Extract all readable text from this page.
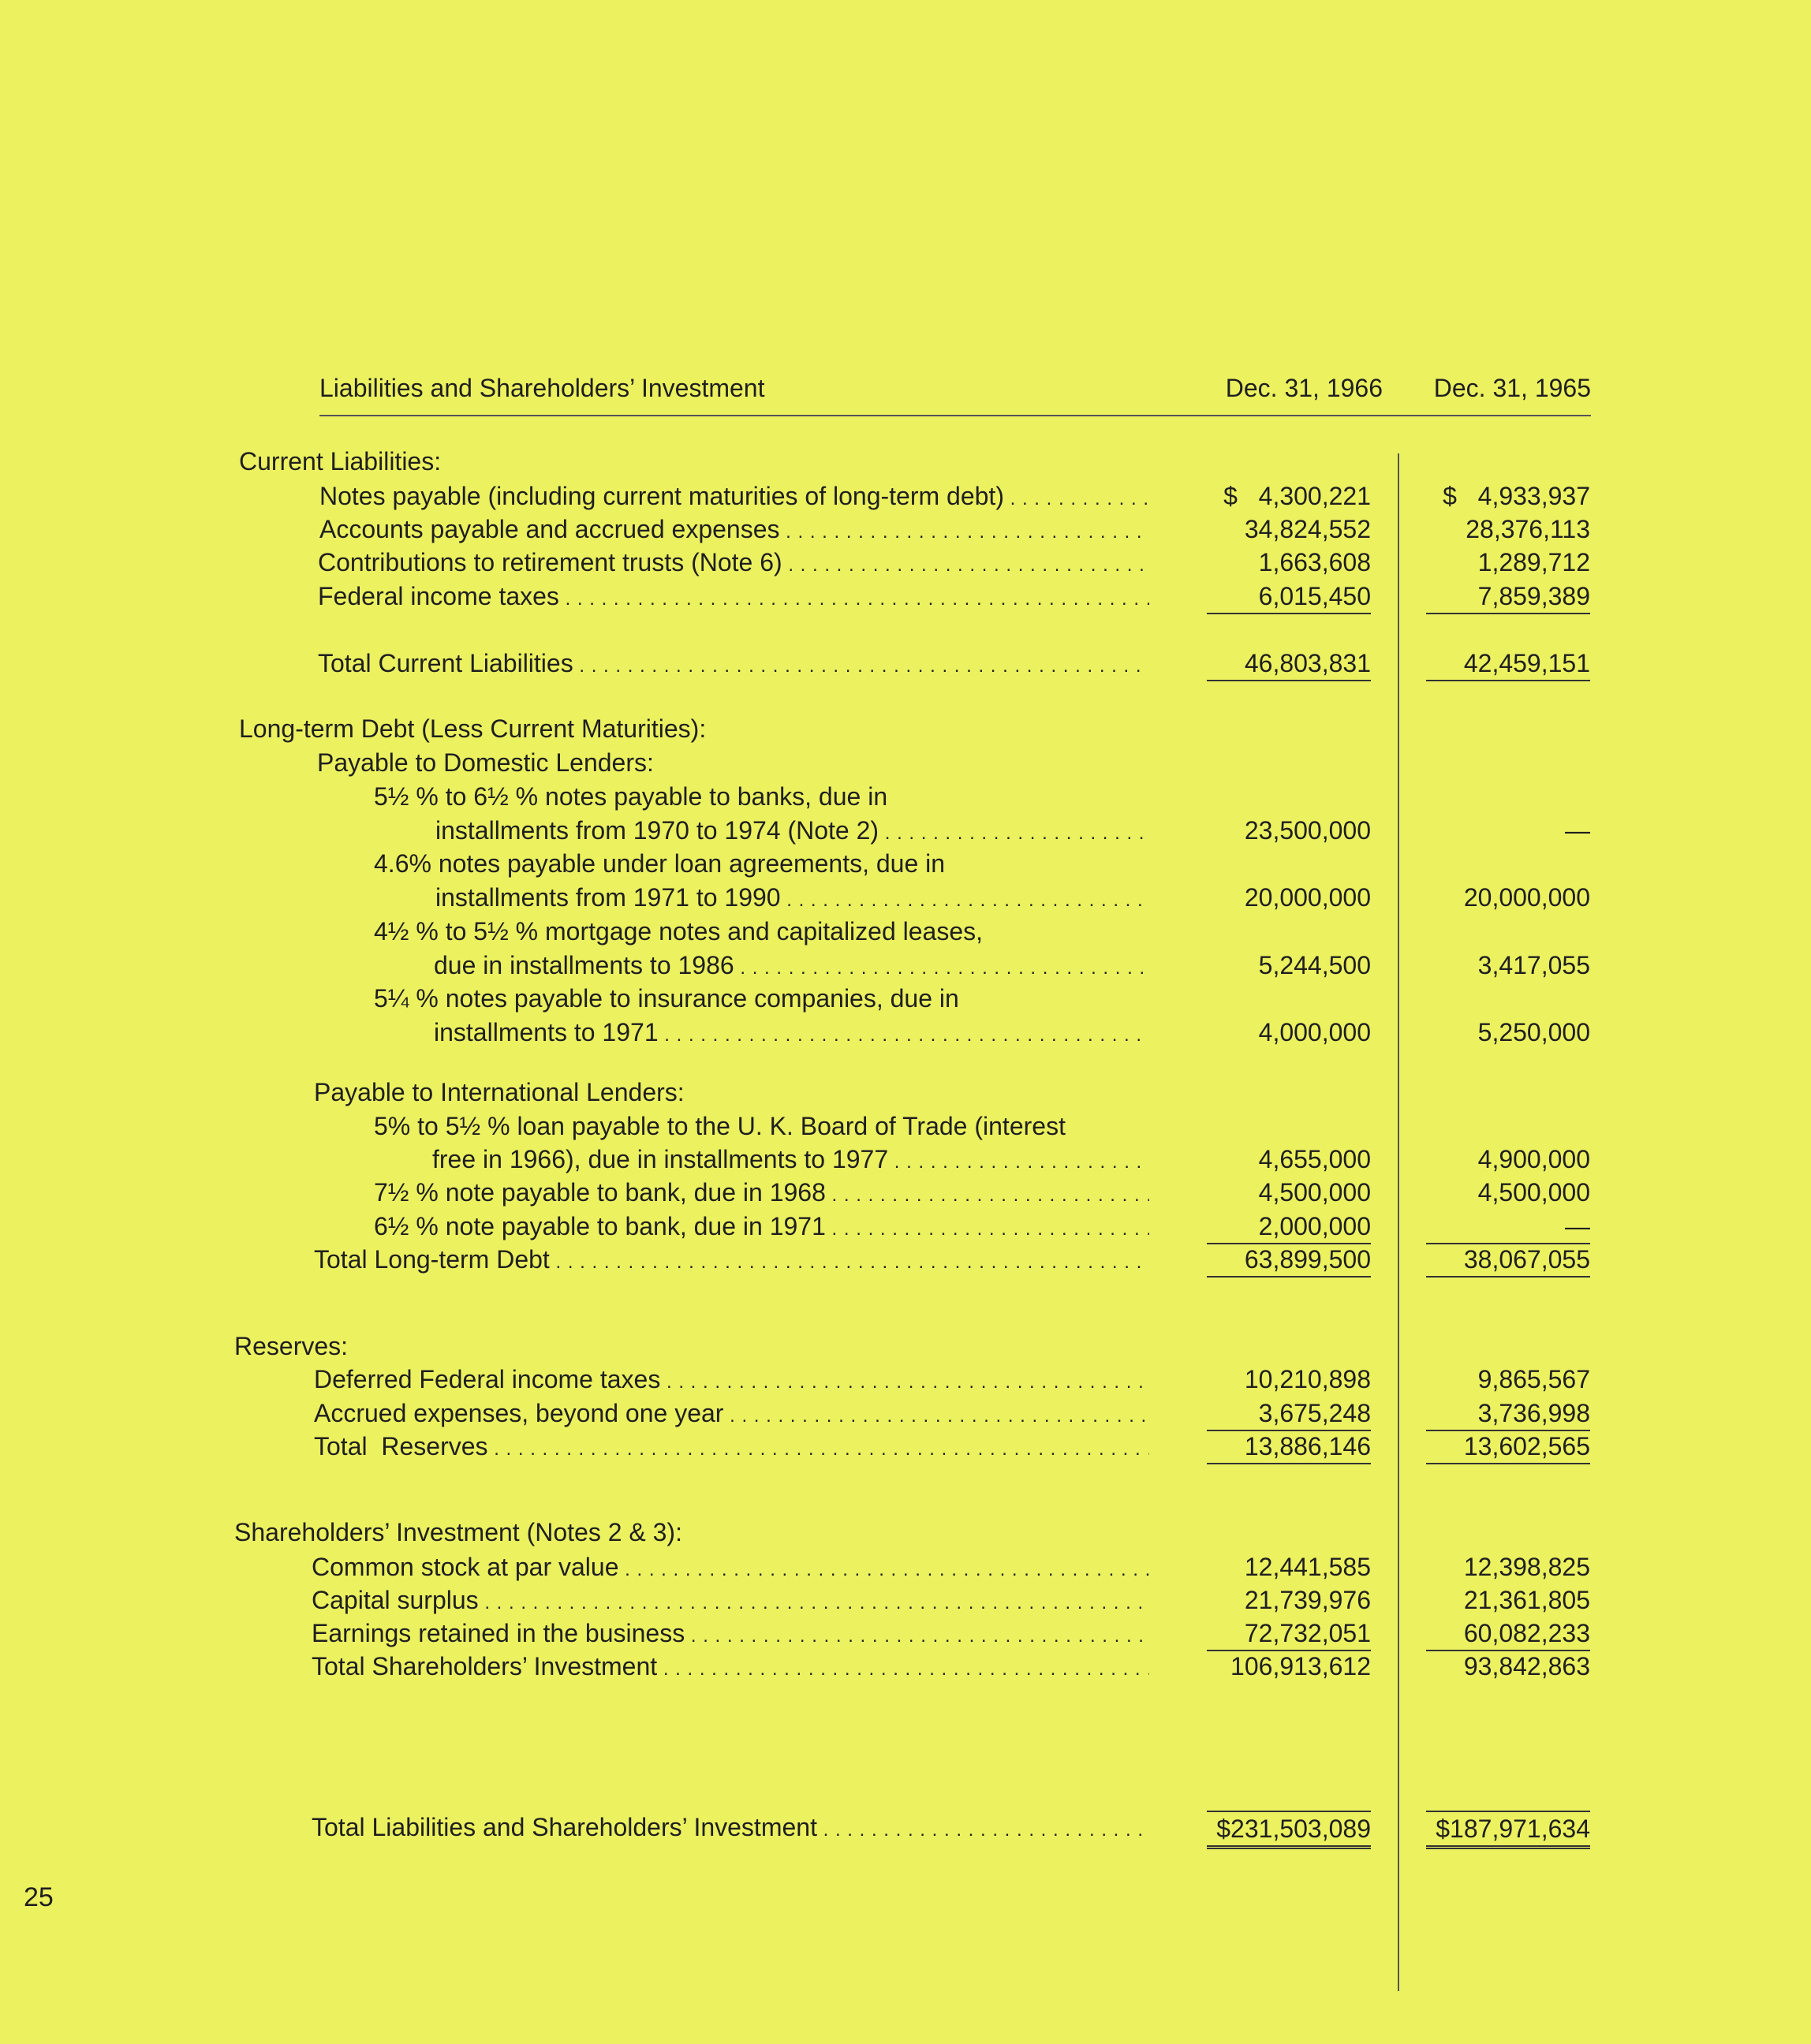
Liabilities and Shareholders’ Investment	Dec. 31, 1966	Dec. 31, 1965
Current Liabilities:
Notes payable (including current maturities of long-term debt) . . .	$   4,300,221	$   4,933,937
Accounts payable and accrued expenses . . .	34,824,552	28,376,113
Contributions to retirement trusts (Note 6) . . .	1,663,608	1,289,712
Federal income taxes . . .	6,015,450	7,859,389
Total Current Liabilities . . .	46,803,831	42,459,151
Long-term Debt (Less Current Maturities):
Payable to Domestic Lenders:
5½ % to 6½ % notes payable to banks, due in
installments from 1970 to 1974 (Note 2) . . .	23,500,000	—
4.6% notes payable under loan agreements, due in
installments from 1971 to 1990 . . .	20,000,000	20,000,000
4½ % to 5½ % mortgage notes and capitalized leases,
due in installments to 1986 . . .	5,244,500	3,417,055
5¼ % notes payable to insurance companies, due in
installments to 1971 . . .	4,000,000	5,250,000
Payable to International Lenders:
5% to 5½ % loan payable to the U. K. Board of Trade (interest
free in 1966), due in installments to 1977 . . .	4,655,000	4,900,000
7½ % note payable to bank, due in 1968 . . .	4,500,000	4,500,000
6½ % note payable to bank, due in 1971 . . .	2,000,000	—
Total Long-term Debt . . .	63,899,500	38,067,055
Reserves:
Deferred Federal income taxes . . .	10,210,898	9,865,567
Accrued expenses, beyond one year . . .	3,675,248	3,736,998
Total  Reserves . . .	13,886,146	13,602,565
Shareholders’ Investment (Notes 2 & 3):
Common stock at par value . . .	12,441,585	12,398,825
Capital surplus . . .	21,739,976	21,361,805
Earnings retained in the business . . .	72,732,051	60,082,233
Total Shareholders’ Investment . . .	106,913,612	93,842,863
Total Liabilities and Shareholders’ Investment . . .	$231,503,089	$187,971,634
25
